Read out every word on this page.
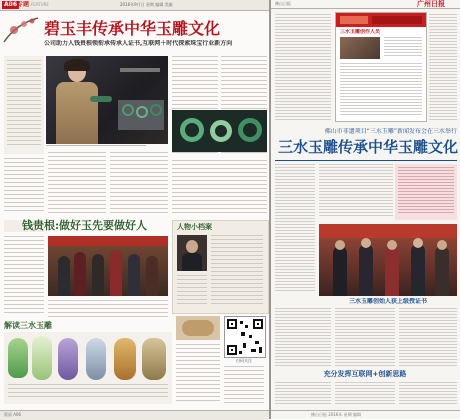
A06 专题 FEATURE	2016年9月日 星期 编辑 美编
碧玉丰传承中华玉雕文化
公司助力人钱贵根领衔承传承人证书,互联网＋时代探索珠宝行业新方向
钱贵根:做好玉先要做好人	人物小档案
解读三水玉雕
扫码关注
版面 A06
佛山日报	广州日报
三水玉雕创作人员
佛山市非遗项目“三水玉雕”新闻发布会在三水举行
三水玉雕传承中华玉雕文化
三水玉雕创始人获上级授证书
充分发挥互联网+创新思路
佛山日报 2016年 星期 编辑
